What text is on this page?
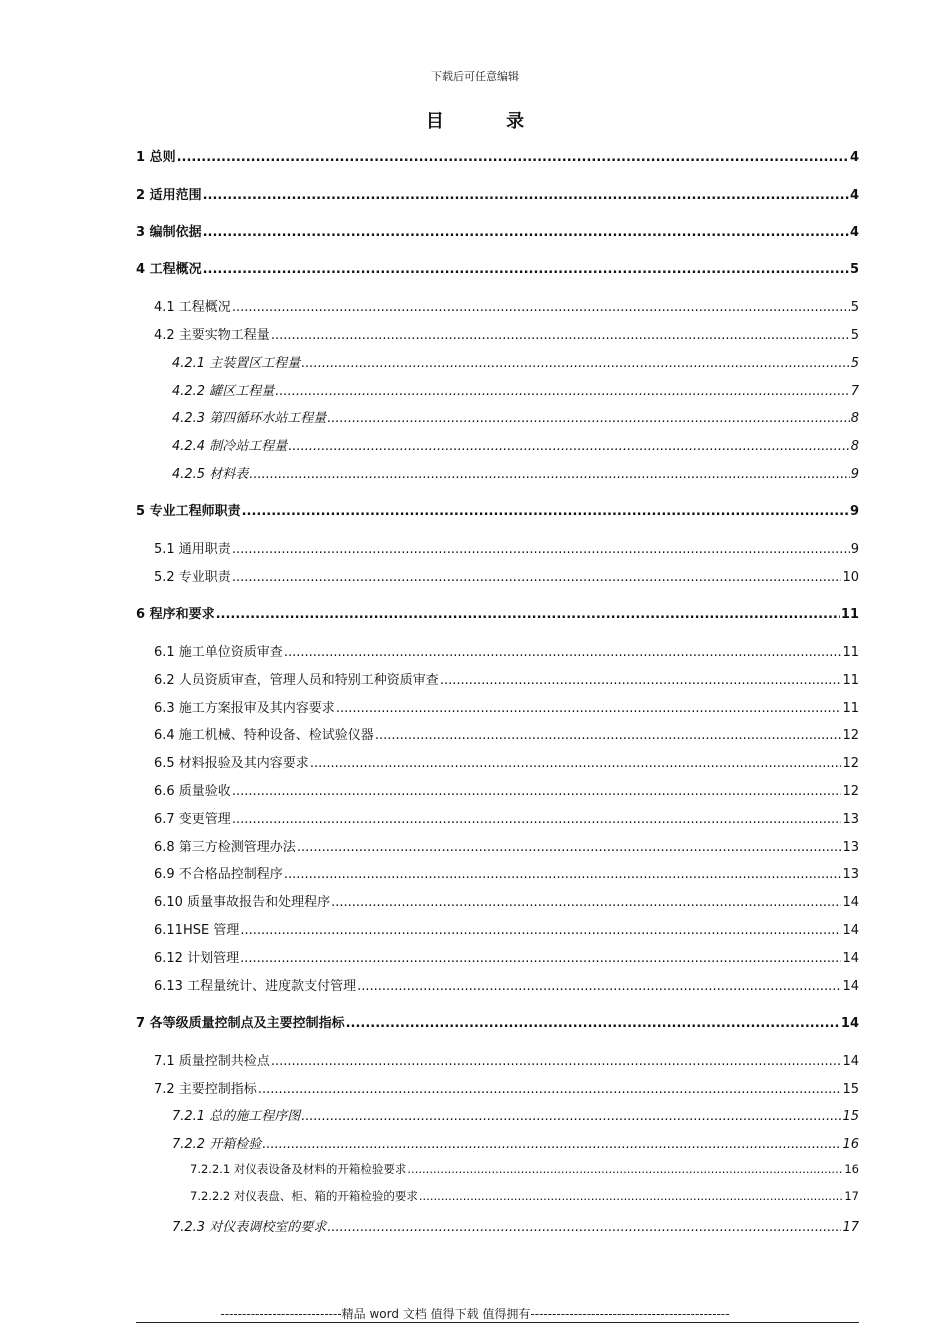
下载后可任意编辑
目 录
1 总则 .....	4
2 适用范围 .....	4
3 编制依据 .....	4
4 工程概况 .....	5
4.1 工程概况 .....	5
4.2 主要实物工程量 .....	5
4.2.1 主装置区工程量 .....	5
4.2.2 罐区工程量 .....	7
4.2.3 第四循环水站工程量 .....	8
4.2.4 制冷站工程量 .....	8
4.2.5 材料表 .....	9
5 专业工程师职责 .....	9
5.1 通用职责 .....	9
5.2 专业职责 .....	10
6 程序和要求 .....	11
6.1 施工单位资质审查 .....	11
6.2 人员资质审查，管理人员和特别工种资质审查 .....	11
6.3 施工方案报审及其内容要求 .....	11
6.4 施工机械、特种设备、检试验仪器 .....	12
6.5 材料报验及其内容要求 .....	12
6.6 质量验收 .....	12
6.7 变更管理 .....	13
6.8 第三方检测管理办法 .....	13
6.9 不合格品控制程序 .....	13
6.10 质量事故报告和处理程序 .....	14
6.11HSE 管理 .....	14
6.12 计划管理 .....	14
6.13 工程量统计、进度款支付管理 .....	14
7 各等级质量控制点及主要控制指标 .....	14
7.1 质量控制共检点 .....	14
7.2 主要控制指标 .....	15
7.2.1 总的施工程序图 .....	15
7.2.2 开箱检验 .....	16
7.2.2.1 对仪表设备及材料的开箱检验要求 .....	16
7.2.2.2 对仪表盘、柜、箱的开箱检验的要求 .....	17
7.2.3 对仪表调校室的要求 .....	17
----------------------------精品 word 文档 值得下载 值得拥有----------------------------------------------
